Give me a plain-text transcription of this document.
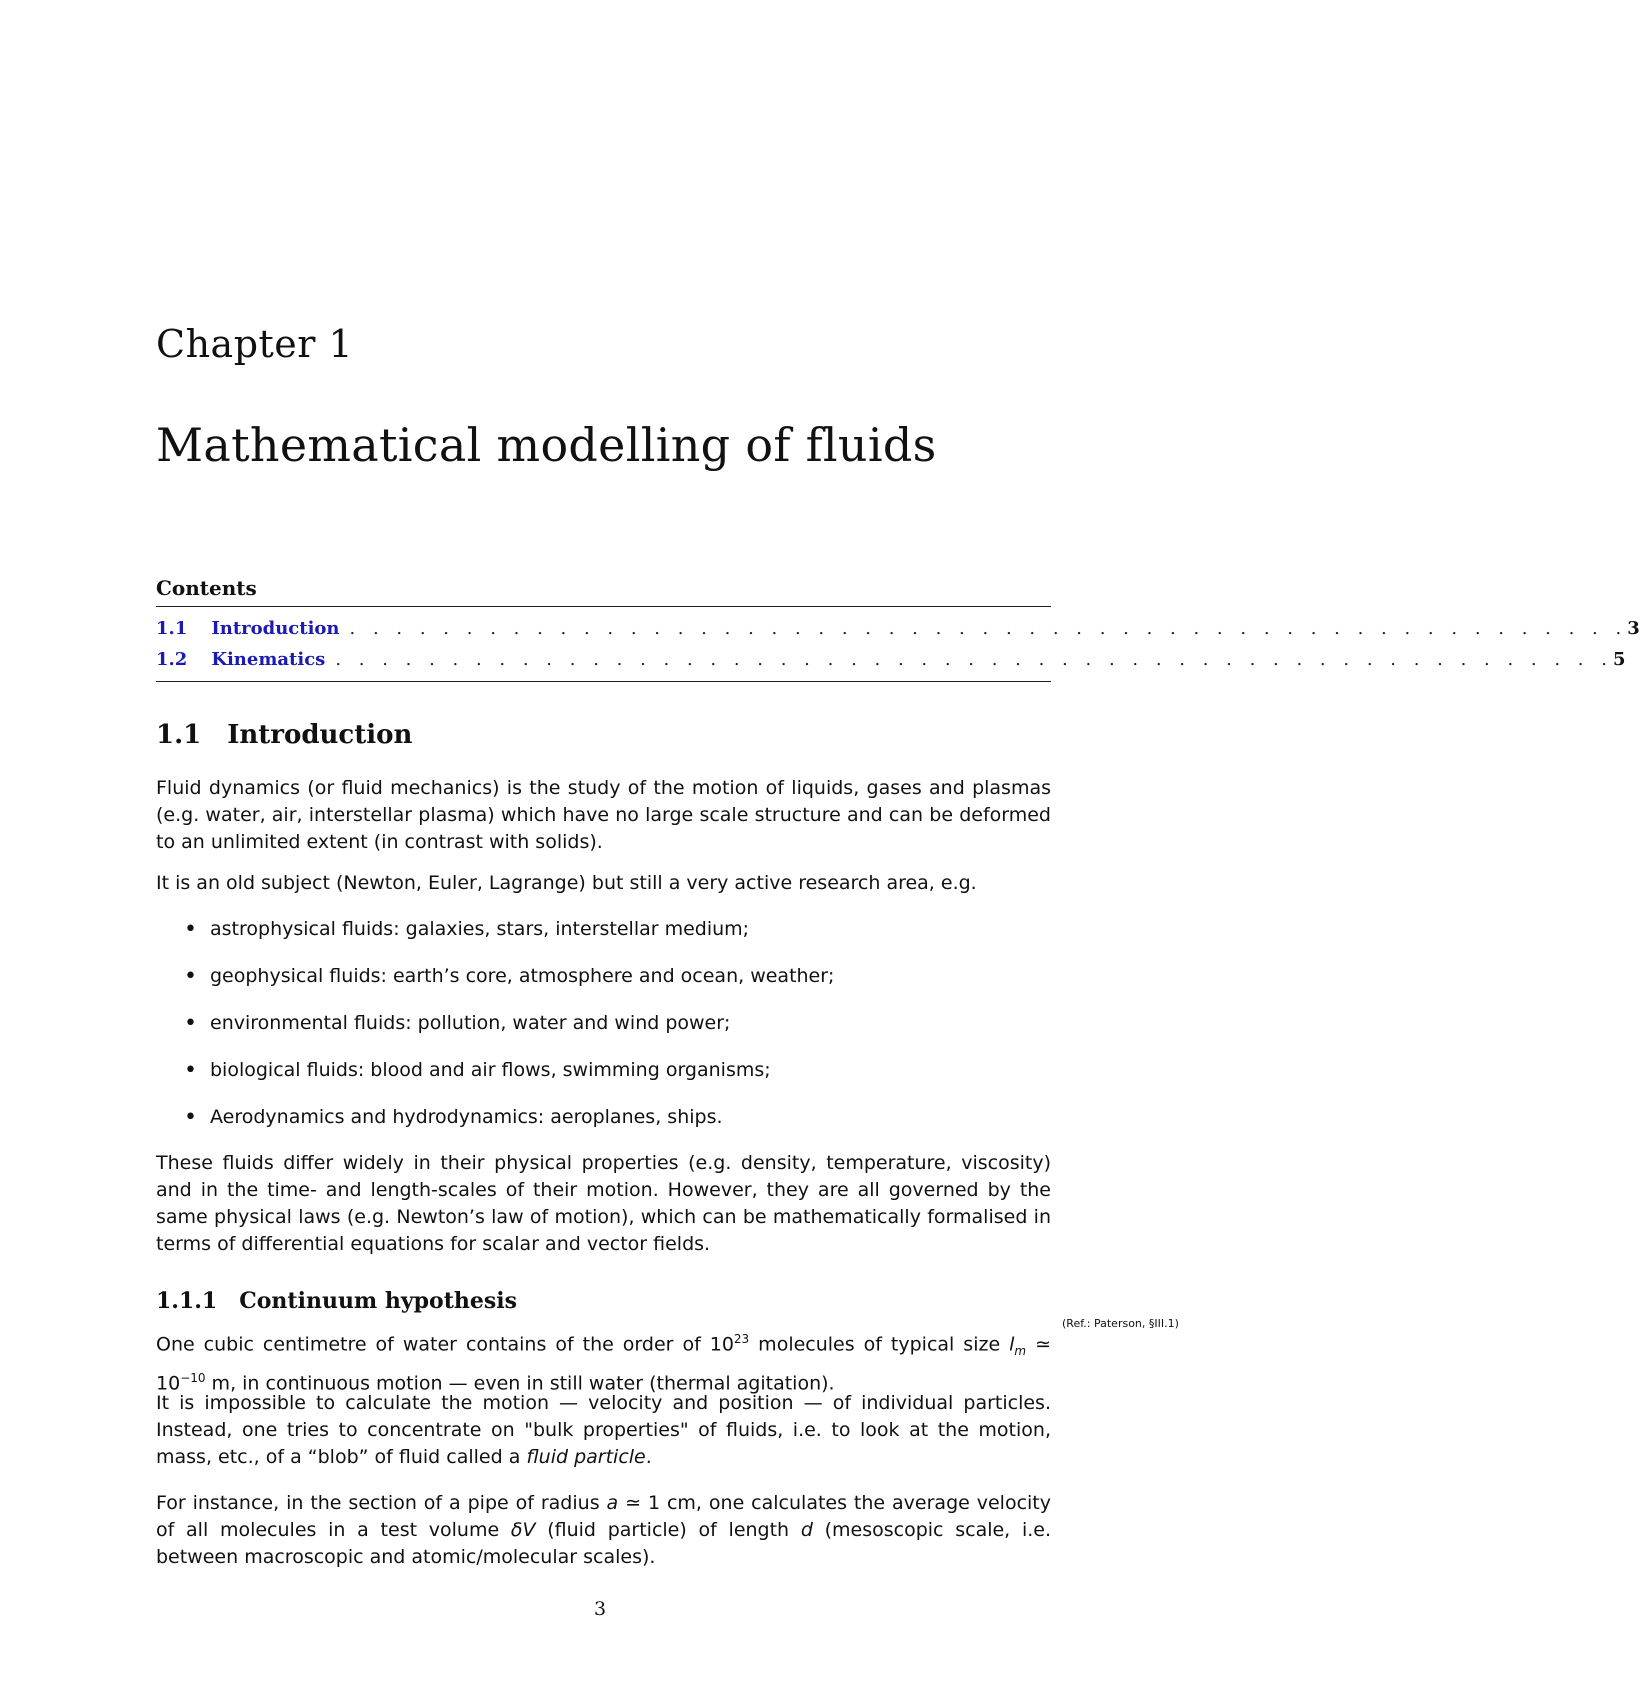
Chapter 1
Mathematical modelling of fluids
Contents
1.1	Introduction . . . . . . . . . . . . . . . . . . . . . . . . . . . . . . . . . . . . . . . . . . . . . . . . . . . . . . . 3
1.2	Kinematics . . . . . . . . . . . . . . . . . . . . . . . . . . . . . . . . . . . . . . . . . . . . . . . . . . . . . . . 5
1.1 Introduction
Fluid dynamics (or fluid mechanics) is the study of the motion of liquids, gases and plasmas (e.g. water, air, interstellar plasma) which have no large scale structure and can be deformed to an unlimited extent (in contrast with solids).
It is an old subject (Newton, Euler, Lagrange) but still a very active research area, e.g.
• astrophysical fluids: galaxies, stars, interstellar medium;
• geophysical fluids: earth’s core, atmosphere and ocean, weather;
• environmental fluids: pollution, water and wind power;
• biological fluids: blood and air flows, swimming organisms;
• Aerodynamics and hydrodynamics: aeroplanes, ships.
These fluids differ widely in their physical properties (e.g. density, temperature, viscosity) and in the time- and length-scales of their motion. However, they are all governed by the same physical laws (e.g. Newton’s law of motion), which can be mathematically formalised in terms of differential equations for scalar and vector fields.
1.1.1 Continuum hypothesis
(Ref.: Paterson, §III.1)
One cubic centimetre of water contains of the order of $10^{23}$ molecules of typical size $l_m$ ≃ $10^{-10}$ m, in continuous motion — even in still water (thermal agitation).
It is impossible to calculate the motion — velocity and position — of individual particles. Instead, one tries to concentrate on "bulk properties" of fluids, i.e. to look at the motion, mass, etc., of a “blob” of fluid called a fluid particle.
For instance, in the section of a pipe of radius a ≃ 1 cm, one calculates the average velocity of all molecules in a test volume δV (fluid particle) of length d (mesoscopic scale, i.e. between macroscopic and atomic/molecular scales).
3
